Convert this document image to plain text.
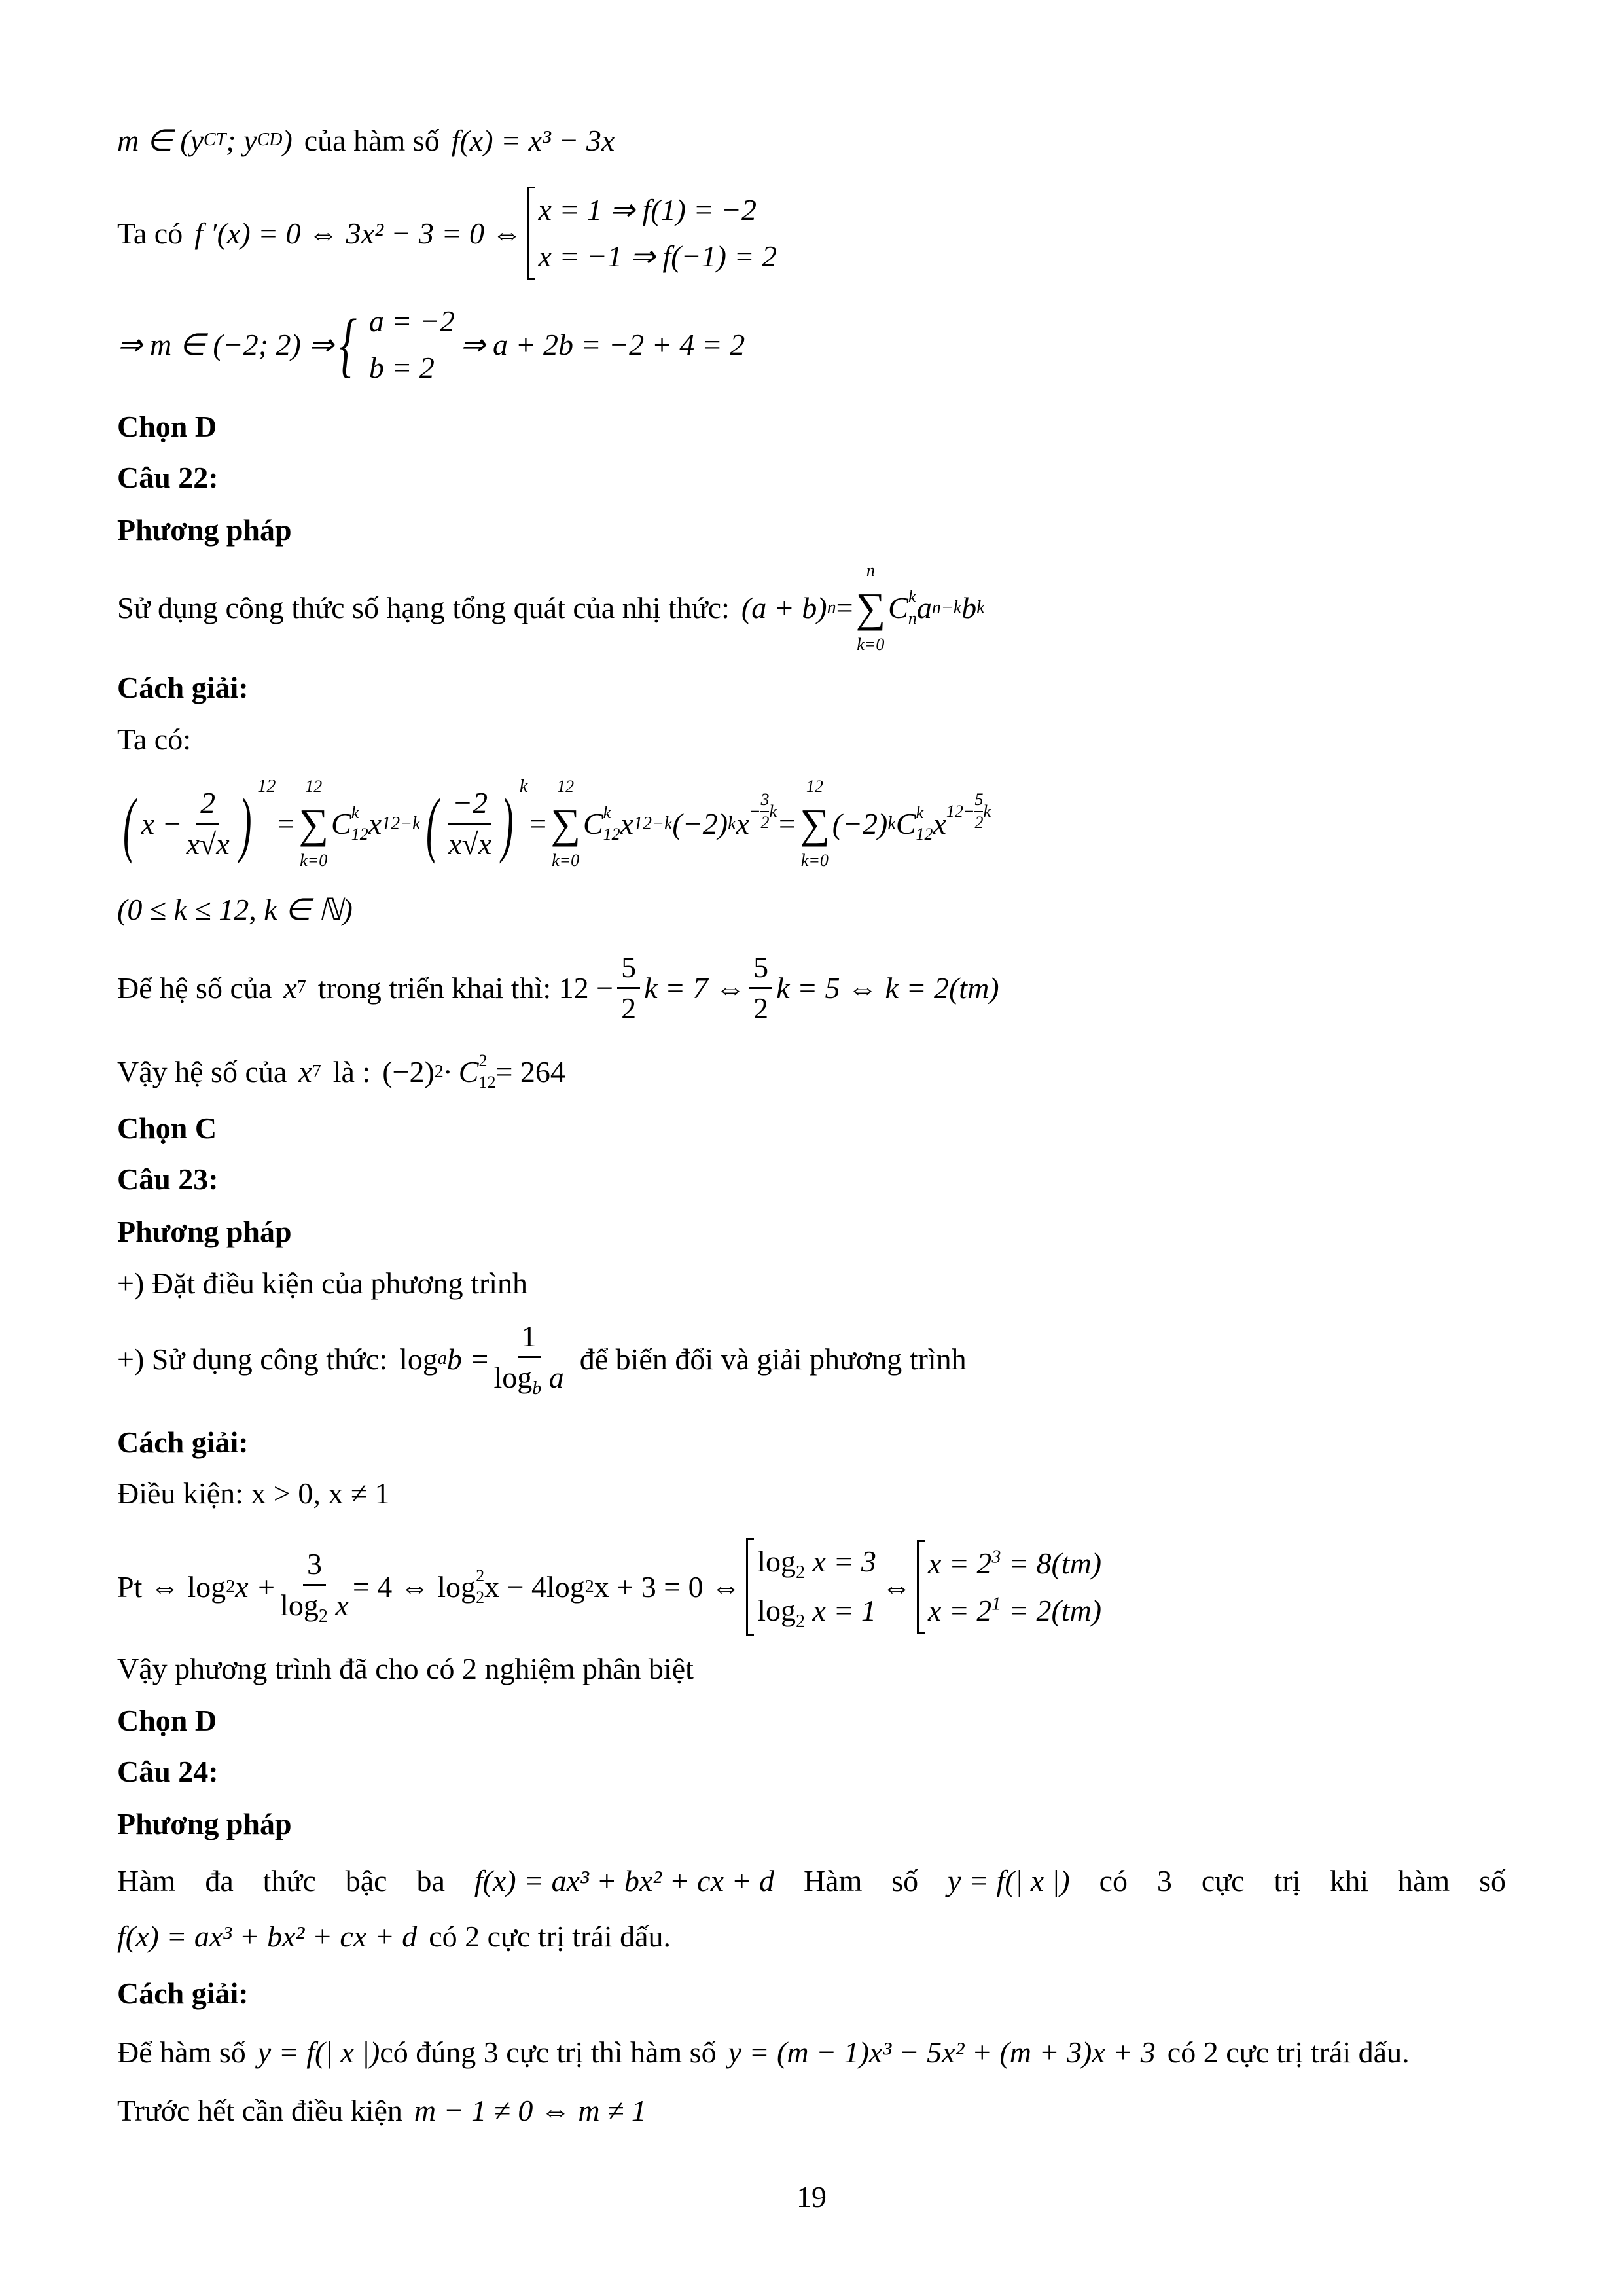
m ∈ (y CT ; y CD ) của hàm số f(x) = x³ − 3x
Ta có f ′(x) = 0 ⇔ 3x² − 3 = 0 ⇔
x = 1 ⇒ f(1) = −2
x = −1 ⇒ f(−1) = 2
⇒ m ∈ (−2; 2) ⇒ { a = −2
b = 2
⇒ a + 2b = −2 + 4 = 2
Chọn D
Câu 22:
Phương pháp
Sử dụng công thức số hạng tổng quát của nhị thức: (a + b) n =
n
∑
k=0
C k
n a n−k b k
Cách giải:
Ta có:
( $x - \frac{2}{x√x}$ ) $^{12}$
=
12
∑
k=0
C k
12 x 12−k ( $\frac{-2}{x√x}$ ) $^k$
=
12
∑
k=0
C k
12 x 12−k (−2) k $x - \frac{3}{2}$ k =
12
∑
k=0
(−2) k C k
12 x $12- \frac{5}{2}$ k
(0 ≤ k ≤ 12, k ∈ ℕ)
Để hệ số của x 7 trong triển khai thì: $12 - \frac{5}{2}$ k = 7 ⇔ $\frac{5}{2}$ k = 5 ⇔ k = 2(tm)
Vậy hệ số của x 7 là : (−2) 2 · C 2
12 = 264
Chọn C
Câu 23:
Phương pháp
+) Đặt điều kiện của phương trình
+) Sử dụng công thức: log a $b = \frac{1}{\log_b a}$ để biến đổi và giải phương trình
Cách giải:
Điều kiện: x > 0, x ≠ 1
Pt ⇔ log 2 $x + \frac{3}{\log_2 x} = 4$ ⇔ log 2
2 x − 4log 2 x + 3 = 0 ⇔
$\log_2 x = 3$
$\log_2 x = 1$
⇔
$x = 2^3 = 8(tm)$
$x = 2^1 = 2(tm)$
Vậy phương trình đã cho có 2 nghiệm phân biệt
Chọn D
Câu 24:
Phương pháp
Hàm đa thức bậc ba f(x) = ax³ + bx² + cx + d Hàm số y = f(| x |) có 3 cực trị khi hàm số
f(x) = ax³ + bx² + cx + d có 2 cực trị trái dấu.
Cách giải:
Để hàm số y = f(| x |) có đúng 3 cực trị thì hàm số y = (m − 1)x³ − 5x² + (m + 3)x + 3 có 2 cực trị trái dấu.
Trước hết cần điều kiện m − 1 ≠ 0 ⇔ m ≠ 1
19
